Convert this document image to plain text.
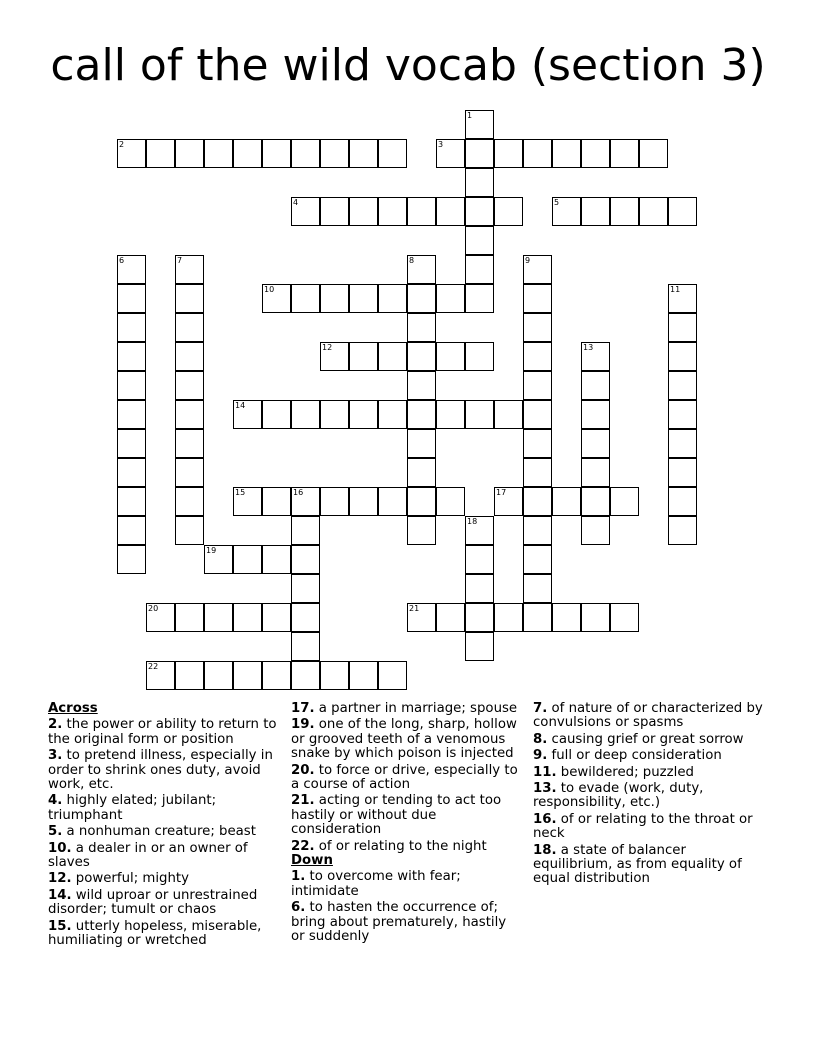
call of the wild vocab (section 3)
1
2	3
4	5
6	7	8	9
10	11
12	13
14
15	16	17
18
19
20	21
22
Across
2. the power or ability to return to the original form or position
3. to pretend illness, especially in order to shrink ones duty, avoid work, etc.
4. highly elated; jubilant; triumphant
5. a nonhuman creature; beast
10. a dealer in or an owner of slaves
12. powerful; mighty
14. wild uproar or unrestrained disorder; tumult or chaos
15. utterly hopeless, miserable, humiliating or wretched
17. a partner in marriage; spouse
19. one of the long, sharp, hollow or grooved teeth of a venomous snake by which poison is injected
20. to force or drive, especially to a course of action
21. acting or tending to act too hastily or without due consideration
22. of or relating to the night
Down
1. to overcome with fear; intimidate
6. to hasten the occurrence of; bring about prematurely, hastily or suddenly
7. of nature of or characterized by convulsions or spasms
8. causing grief or great sorrow
9. full or deep consideration
11. bewildered; puzzled
13. to evade (work, duty, responsibility, etc.)
16. of or relating to the throat or neck
18. a state of balancer equilibrium, as from equality of equal distribution
